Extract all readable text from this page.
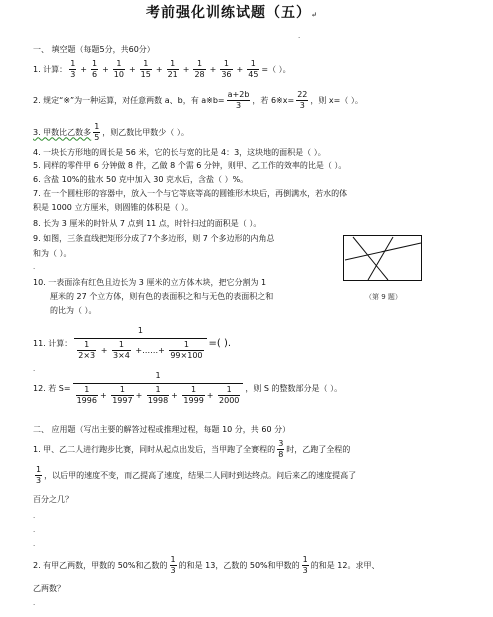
考前强化训练试题（五）↵
.
一、 填空题（每题5分，共60分）
1. 计算：
1
3
+ $\frac{1}{6} + \frac{1}{10} + \frac{1}{15} + \frac{1}{21} + \frac{1}{28} + \frac{1}{36} + \frac{1}{45}$ =（ ）。
2. 规定“※”为一种运算，对任意两数 a、b，有 a※b= $\frac{a+2b}{3}$ ，若 6※x= $\frac{22}{3}$ ，则 x=（ ）。
3. 甲数比乙数多
1
5
，则乙数比甲数少（ ）。
4. 一块长方形地的周长是 56 米，它的长与宽的比是 4：3，这块地的面积是（ ）。
5. 同样的零件甲 6 分钟做 8 件，乙做 8 个需 6 分钟，则甲、乙工作的效率的比是（ ）。
6. 含盐 10%的盐水 50 克中加入 30 克水后，含盐（ ）%。
7. 在一个圆柱形的容器中，放入一个与它等底等高的圆锥形木块后，再倒满水，若水的体
积是 1000 立方厘米，则圆锥的体积是（ ）。
8. 长为 3 厘米的时针从 7 点到 11 点，时针扫过的面积是（ ）。
9. 如图，三条直线把矩形分成了7个多边形，则 7 个多边形的内角总
和为（ ）。
.
（第 9 题）
10. 一表面涂有红色且边长为 3 厘米的立方体木块，把它分割为 1
厘米的 27 个立方体，则有色的表面积之和与无色的表面积之和
的比为（ ）。
11. 计算： $\frac{1}{\frac{1}{2\times 3} + \frac{1}{3\times 4} +\dots\dots+ \frac{1}{99\times 100}}$ =( ).
.
12. 若 S=
1
$\frac{1}{1996} + \frac{1}{1997} + \frac{1}{1998} + \frac{1}{1999} + \frac{1}{2000}$ ，则 S 的整数部分是（ ）。
二、 应用题（写出主要的解答过程或推理过程，每题 10 分，共 60 分）
1. 甲、乙二人进行跑步比赛，同时从起点出发后，当甲跑了全赛程的
3
8
时，乙跑了全程的
1
3
，以后甲的速度不变，而乙提高了速度，结果二人同时到达终点。问后来乙的速度提高了
百分之几？
.
.
.
2. 有甲乙两数，甲数的 50%和乙数的
1
3
的和是 13，乙数的 50%和甲数的
1
3
的和是 12。求甲、
乙两数？
.
